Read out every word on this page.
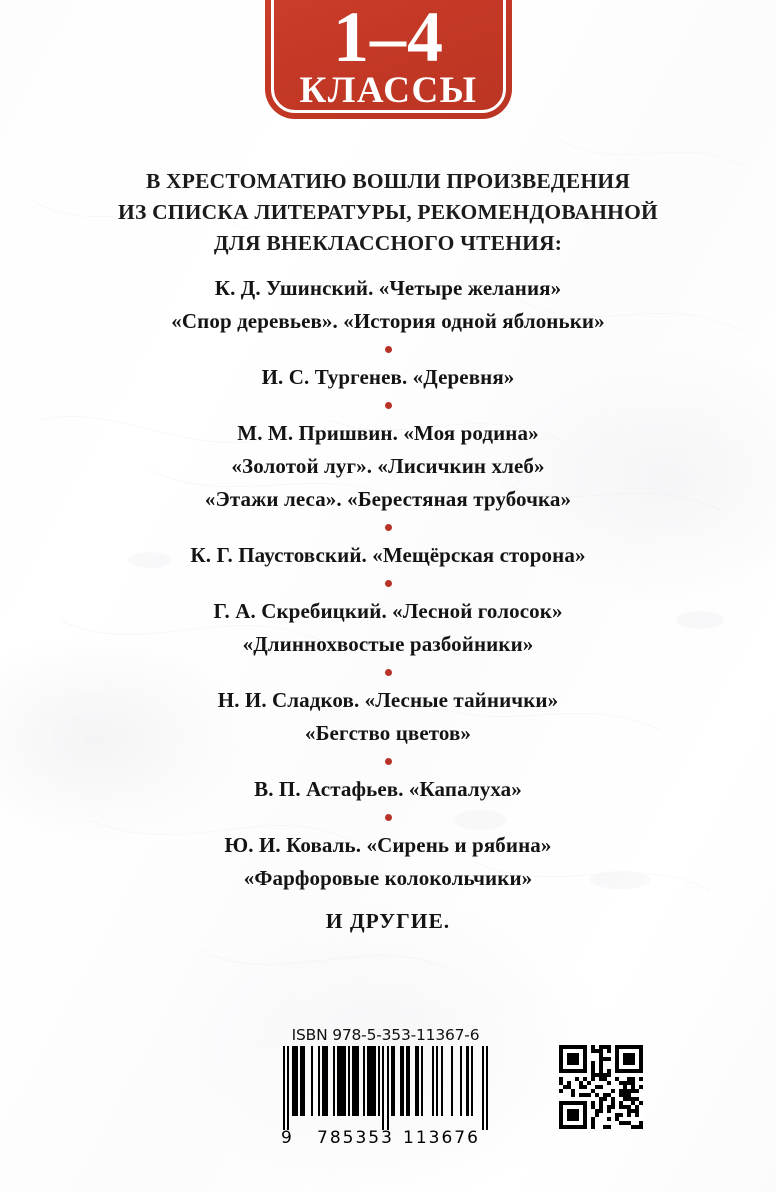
1–4
КЛАССЫ
В ХРЕСТОМАТИЮ ВОШЛИ ПРОИЗВЕДЕНИЯ
ИЗ СПИСКА ЛИТЕРАТУРЫ, РЕКОМЕНДОВАННОЙ
ДЛЯ ВНЕКЛАССНОГО ЧТЕНИЯ:
К. Д. Ушинский. «Четыре желания»
«Спор деревьев». «История одной яблоньки»
И. С. Тургенев. «Деревня»
М. М. Пришвин. «Моя родина»
«Золотой луг». «Лисичкин хлеб»
«Этажи леса». «Берестяная трубочка»
К. Г. Паустовский. «Мещёрская сторона»
Г. А. Скребицкий. «Лесной голосок»
«Длиннохвостые разбойники»
Н. И. Сладков. «Лесные тайнички»
«Бегство цветов»
В. П. Астафьев. «Капалуха»
Ю. И. Коваль. «Сирень и рябина»
«Фарфоровые колокольчики»
И ДРУГИЕ.
ISBN 978-5-353-11367-6
9 785353 113676
